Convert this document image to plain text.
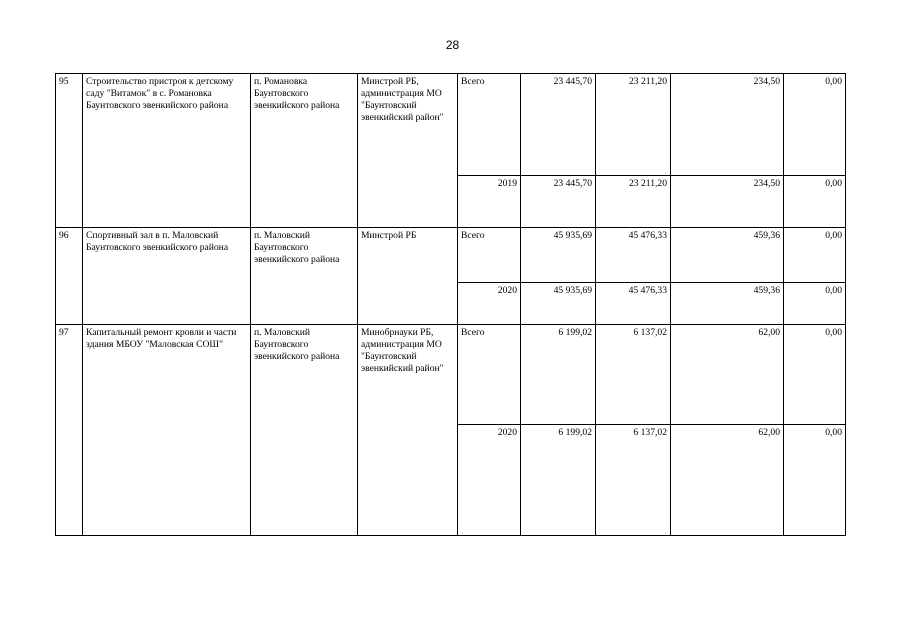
28
95	Строительство пристроя к детскому саду "Витамок" в с. Романовка Баунтовского эвенкийского района	п. Романовка Баунтовского эвенкийского района	Минстрой РБ, администрация МО "Баунтовский эвенкийский район"	Всего	23 445,70	23 211,20	234,50	0,00
				2019	23 445,70	23 211,20	234,50	0,00
96	Спортивный зал в п. Маловский Баунтовского эвенкийского района	п. Маловский Баунтовского эвенкийского района	Минстрой РБ	Всего	45 935,69	45 476,33	459,36	0,00
				2020	45 935,69	45 476,33	459,36	0,00
97	Капитальный ремонт кровли и части здания МБОУ "Маловская СОШ"	п. Маловский Баунтовского эвенкийского района	Минобрнауки РБ, администрация МО "Баунтовский эвенкийский район"	Всего	6 199,02	6 137,02	62,00	0,00
				2020	6 199,02	6 137,02	62,00	0,00
